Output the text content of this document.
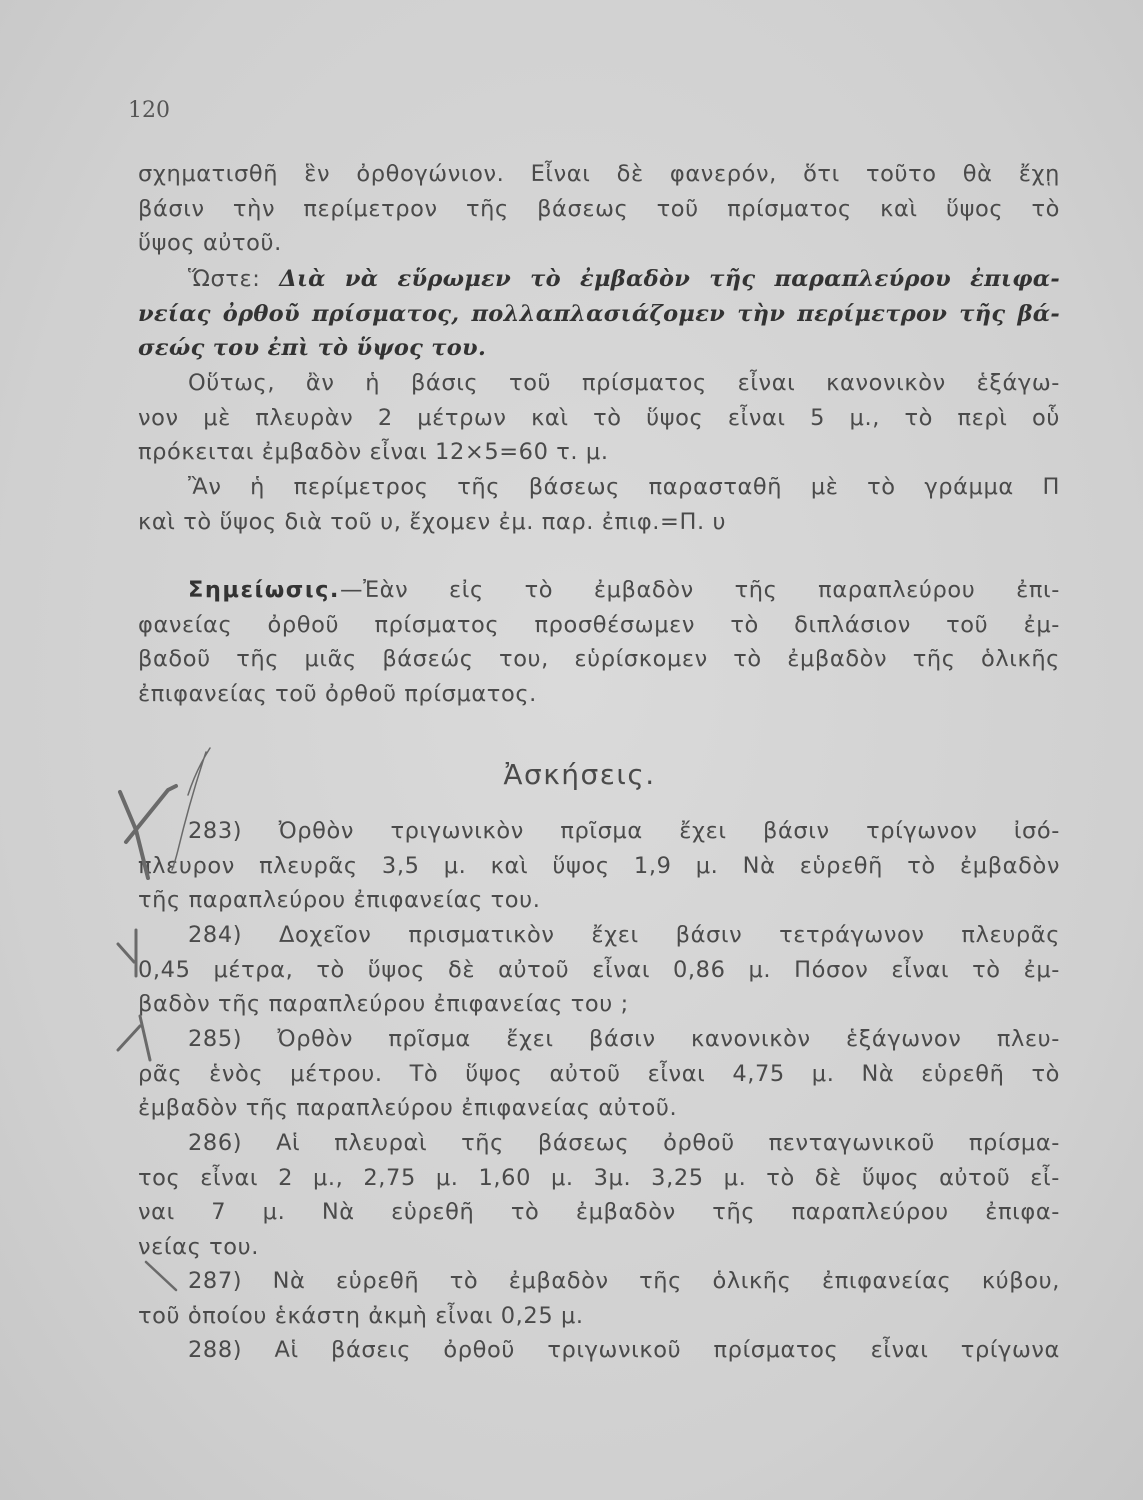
120
σχηματισθῆ ἓν ὀρθογώνιον. Εἶναι δὲ φανερόν, ὅτι τοῦτο θὰ ἔχῃ
βάσιν τὴν περίμετρον τῆς βάσεως τοῦ πρίσματος καὶ ὕψος τὸ
ὕψος αὐτοῦ.
Ὥστε: Διὰ νὰ εὕρωμεν τὸ ἐμβαδὸν τῆς παραπλεύρου ἐπιφα-
νείας ὀρθοῦ πρίσματος, πολλαπλασιάζομεν τὴν περίμετρον τῆς βά-
σεώς του ἐπὶ τὸ ὕψος του.
Οὕτως, ἂν ἡ βάσις τοῦ πρίσματος εἶναι κανονικὸν ἑξάγω-
νον μὲ πλευρὰν 2 μέτρων καὶ τὸ ὕψος εἶναι 5 μ., τὸ περὶ οὗ
πρόκειται ἐμβαδὸν εἶναι 12×5=60 τ. μ.
Ἂν ἡ περίμετρος τῆς βάσεως παρασταθῆ μὲ τὸ γράμμα Π
καὶ τὸ ὕψος διὰ τοῦ υ, ἔχομεν ἐμ. παρ. ἐπιφ.=Π. υ
Σημείωσις.—Ἐὰν εἰς τὸ ἐμβαδὸν τῆς παραπλεύρου ἐπι-
φανείας ὀρθοῦ πρίσματος προσθέσωμεν τὸ διπλάσιον τοῦ ἐμ-
βαδοῦ τῆς μιᾶς βάσεώς του, εὑρίσκομεν τὸ ἐμβαδὸν τῆς ὁλικῆς
ἐπιφανείας τοῦ ὀρθοῦ πρίσματος.
Ἀσκήσεις.
283) Ὀρθὸν τριγωνικὸν πρῖσμα ἔχει βάσιν τρίγωνον ἰσό-
πλευρον πλευρᾶς 3,5 μ. καὶ ὕψος 1,9 μ. Νὰ εὑρεθῆ τὸ ἐμβαδὸν
τῆς παραπλεύρου ἐπιφανείας του.
284) Δοχεῖον πρισματικὸν ἔχει βάσιν τετράγωνον πλευρᾶς
0,45 μέτρα, τὸ ὕψος δὲ αὐτοῦ εἶναι 0,86 μ. Πόσον εἶναι τὸ ἐμ-
βαδὸν τῆς παραπλεύρου ἐπιφανείας του ;
285) Ὀρθὸν πρῖσμα ἔχει βάσιν κανονικὸν ἑξάγωνον πλευ-
ρᾶς ἑνὸς μέτρου. Τὸ ὕψος αὐτοῦ εἶναι 4,75 μ. Νὰ εὑρεθῆ τὸ
ἐμβαδὸν τῆς παραπλεύρου ἐπιφανείας αὐτοῦ.
286) Αἱ πλευραὶ τῆς βάσεως ὀρθοῦ πενταγωνικοῦ πρίσμα-
τος εἶναι 2 μ., 2,75 μ. 1,60 μ. 3μ. 3,25 μ. τὸ δὲ ὕψος αὐτοῦ εἶ-
ναι 7 μ. Νὰ εὑρεθῆ τὸ ἐμβαδὸν τῆς παραπλεύρου ἐπιφα-
νείας του.
287) Νὰ εὑρεθῆ τὸ ἐμβαδὸν τῆς ὁλικῆς ἐπιφανείας κύβου,
τοῦ ὁποίου ἑκάστη ἀκμὴ εἶναι 0,25 μ.
288) Αἱ βάσεις ὀρθοῦ τριγωνικοῦ πρίσματος εἶναι τρίγωνα
